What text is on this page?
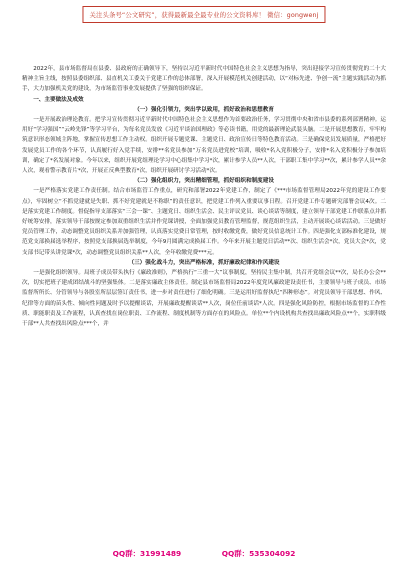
关注头条号“公文研究”，获得最新最全最专业的公文资料库！ 微信：gongwenj

2022年，县市场监督局在县委、县政府的正确领导下，坚持以习近平新时代中国特色社会主义思想为指导，突出迎接学习宣传贯彻党的二十大精神主旨主线，按照县委组织部、县直机关工委关于党建工作的总体部署，深入开展模范机关创建活动，以“对标先进、争创一流”主题实践活动为抓手，大力加强机关党的建设，为市场监管事业发展提供了坚强的组织保证。

一、主要做法及成效

（一）强化引领力，突出学以致用，抓好政治和思想教育

一是开展政治理论教育。把学习宣传贯彻习近平新时代中国特色社会主义思想作为首要政治任务，学习贯彻中央和省市县委的系列部署精神。运用好“学习强国”“云岭先锋”等学习平台，为每名党员发放《习近平谈治国理政》等必读书籍，用党的最新理论武装头脑。二是开展思想教育，牢牢构筑意识形态领域主阵地，掌握宣传思想工作主动权。组织开展专题党课、主题党日、政治宣传日等特色教育活动。三是确保党员发展质量，严格把好发展党员工作的各个环节，认真履行好入党手续，安排**名党员参加“万名党员进党校”培训，吸收*名入党积极分子，安排*名入党积极分子参加培训，确定了*名发展对象。今年以来，组织开展党组理论学习中心组集中学习*次，累计参学人员**人次，干部职工集中学习**次，累计参学人员**余人次，观看警示教育片*次，开展正反典型教育*次，组织开展研讨学习活动*次。

（二）强化组织力，突出精细管理，抓好组织和制度建设

一是严格落实党建工作责任制。结合市场监管工作重点，研究和部署2022年党建工作，制定了《***市场监督管理局2022年党的建设工作要点》，牢固树立“不抓党建就是失职、抓不好党建就是不称职”的责任意识，把党建工作列入重要议事日程。召开党建工作专题研究部署会议4次。二是落实党建工作制度。督促指导支部落实“三会一课”、主题党日、组织生活会、民主评议党员、谈心谈话等制度，建立领导干部党建工作联系点并抓好统筹安排，落实领导干部按规定参加双重组织生活并作党课讲授，全面加强党员教育管理监督，规范组织生活，主动开展谈心谈话活动。三是做好党员管理工作，动态调整党员组织关系并加强管理，认真落实党费日常管理，按时收缴党费，做好党员信息统计工作。四是强化支部标准化建设，规范党支部换届选举程序，按照党支部换届选举制度，今年9月圆满完成换届工作。今年来开展主题党日活动**次、组织生活会*次，党员大会*次，党支部书记带头讲党课*次，动态调整党员组织关系**人次，全年收缴党费***元。

（三）强化战斗力，突出严格标准，抓好廉政纪律和作风建设

一是强化组织领导。局班子成员带头执行《廉政准则》，严格执行“三重一大”议事制度，坚持民主集中制，共召开党组会议**次，局长办公会**次，切实把班子建成团结战斗的坚强集体。二是落实廉政主体责任。制定县市场监督局2022年度党风廉政建设责任书，主要领导与班子成员、市场监督所所长、分管领导与各股室所层层签订责任书，进一步对责任进行了细化明确。三是运用好监督执纪“四种形态”。对党员领导干部思想、作风、纪律等方面的苗头性、倾向性问题及时予以提醒谈话，开展廉政提醒谈话**人次，岗位任前谈话*人次。四是强化风险防控，根据市场监督的工作性质、职能职责及工作流程，认真查找在岗位职责、工作流程、制度机制等方面存在的风险点。单位**个内设机构共查找出廉政风险点**个，实职科级干部**人共查找出风险点***个，并

QQ群：31991489	QQ群：535304092
